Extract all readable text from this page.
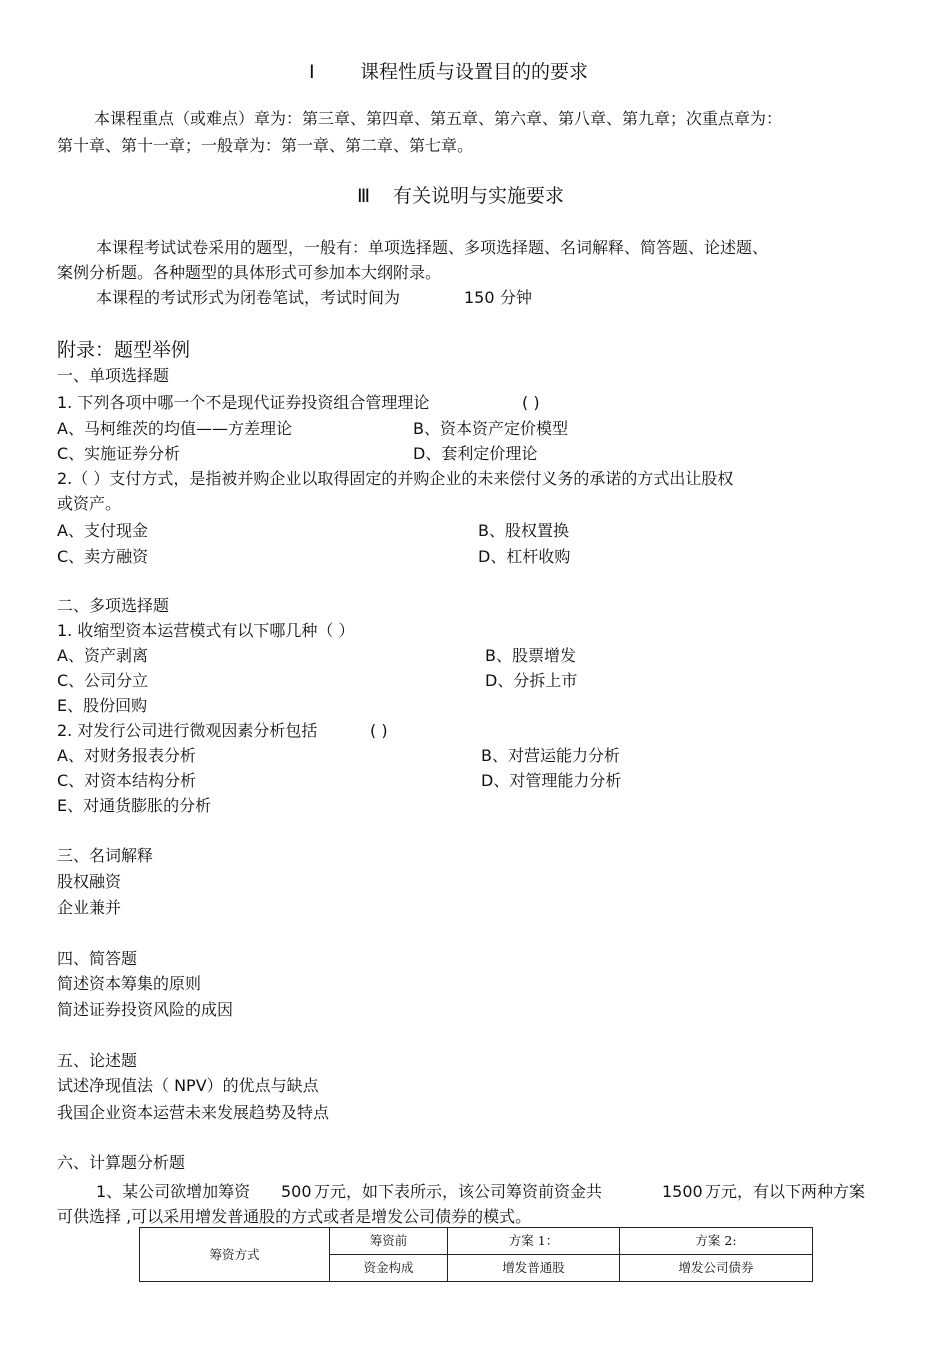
Ⅰ 课程性质与设置目的的要求
本课程重点（或难点）章为：第三章、第四章、第五章、第六章、第八章、第九章；次重点章为：
第十章、第十一章；一般章为：第一章、第二章、第七章。
Ⅲ 有关说明与实施要求
本课程考试试卷采用的题型，一般有：单项选择题、多项选择题、名词解释、简答题、论述题、
案例分析题。各种题型的具体形式可参加本大纲附录。
本课程的考试形式为闭卷笔试，考试时间为	150 分钟
附录：题型举例
一、单项选择题
1. 下列各项中哪一个不是现代证券投资组合管理理论	( )
A、马柯维茨的均值——方差理论	B、资本资产定价模型
C、实施证券分析	D、套利定价理论
2.（ ）支付方式，是指被并购企业以取得固定的并购企业的未来偿付义务的承诺的方式出让股权
或资产。
A、支付现金	B、股权置换
C、卖方融资	D、杠杆收购
二、多项选择题
1. 收缩型资本运营模式有以下哪几种（ ）
A、资产剥离	B、股票增发
C、公司分立	D、分拆上市
E、股份回购
2. 对发行公司进行微观因素分析包括	( )
A、对财务报表分析	B、对营运能力分析
C、对资本结构分析	D、对管理能力分析
E、对通货膨胀的分析
三、名词解释
股权融资
企业兼并
四、简答题
简述资本筹集的原则
简述证券投资风险的成因
五、论述题
试述净现值法（ NPV）的优点与缺点
我国企业资本运营未来发展趋势及特点
六、计算题分析题
1、某公司欲增加筹资 500 万元，如下表所示，该公司筹资前资金共	1500 万元，有以下两种方案
可供选择 ,可以采用增发普通股的方式或者是增发公司债券的模式。
筹资方式	筹资前	方案 1：	方案 2:
	资金构成	增发普通股	增发公司债券
